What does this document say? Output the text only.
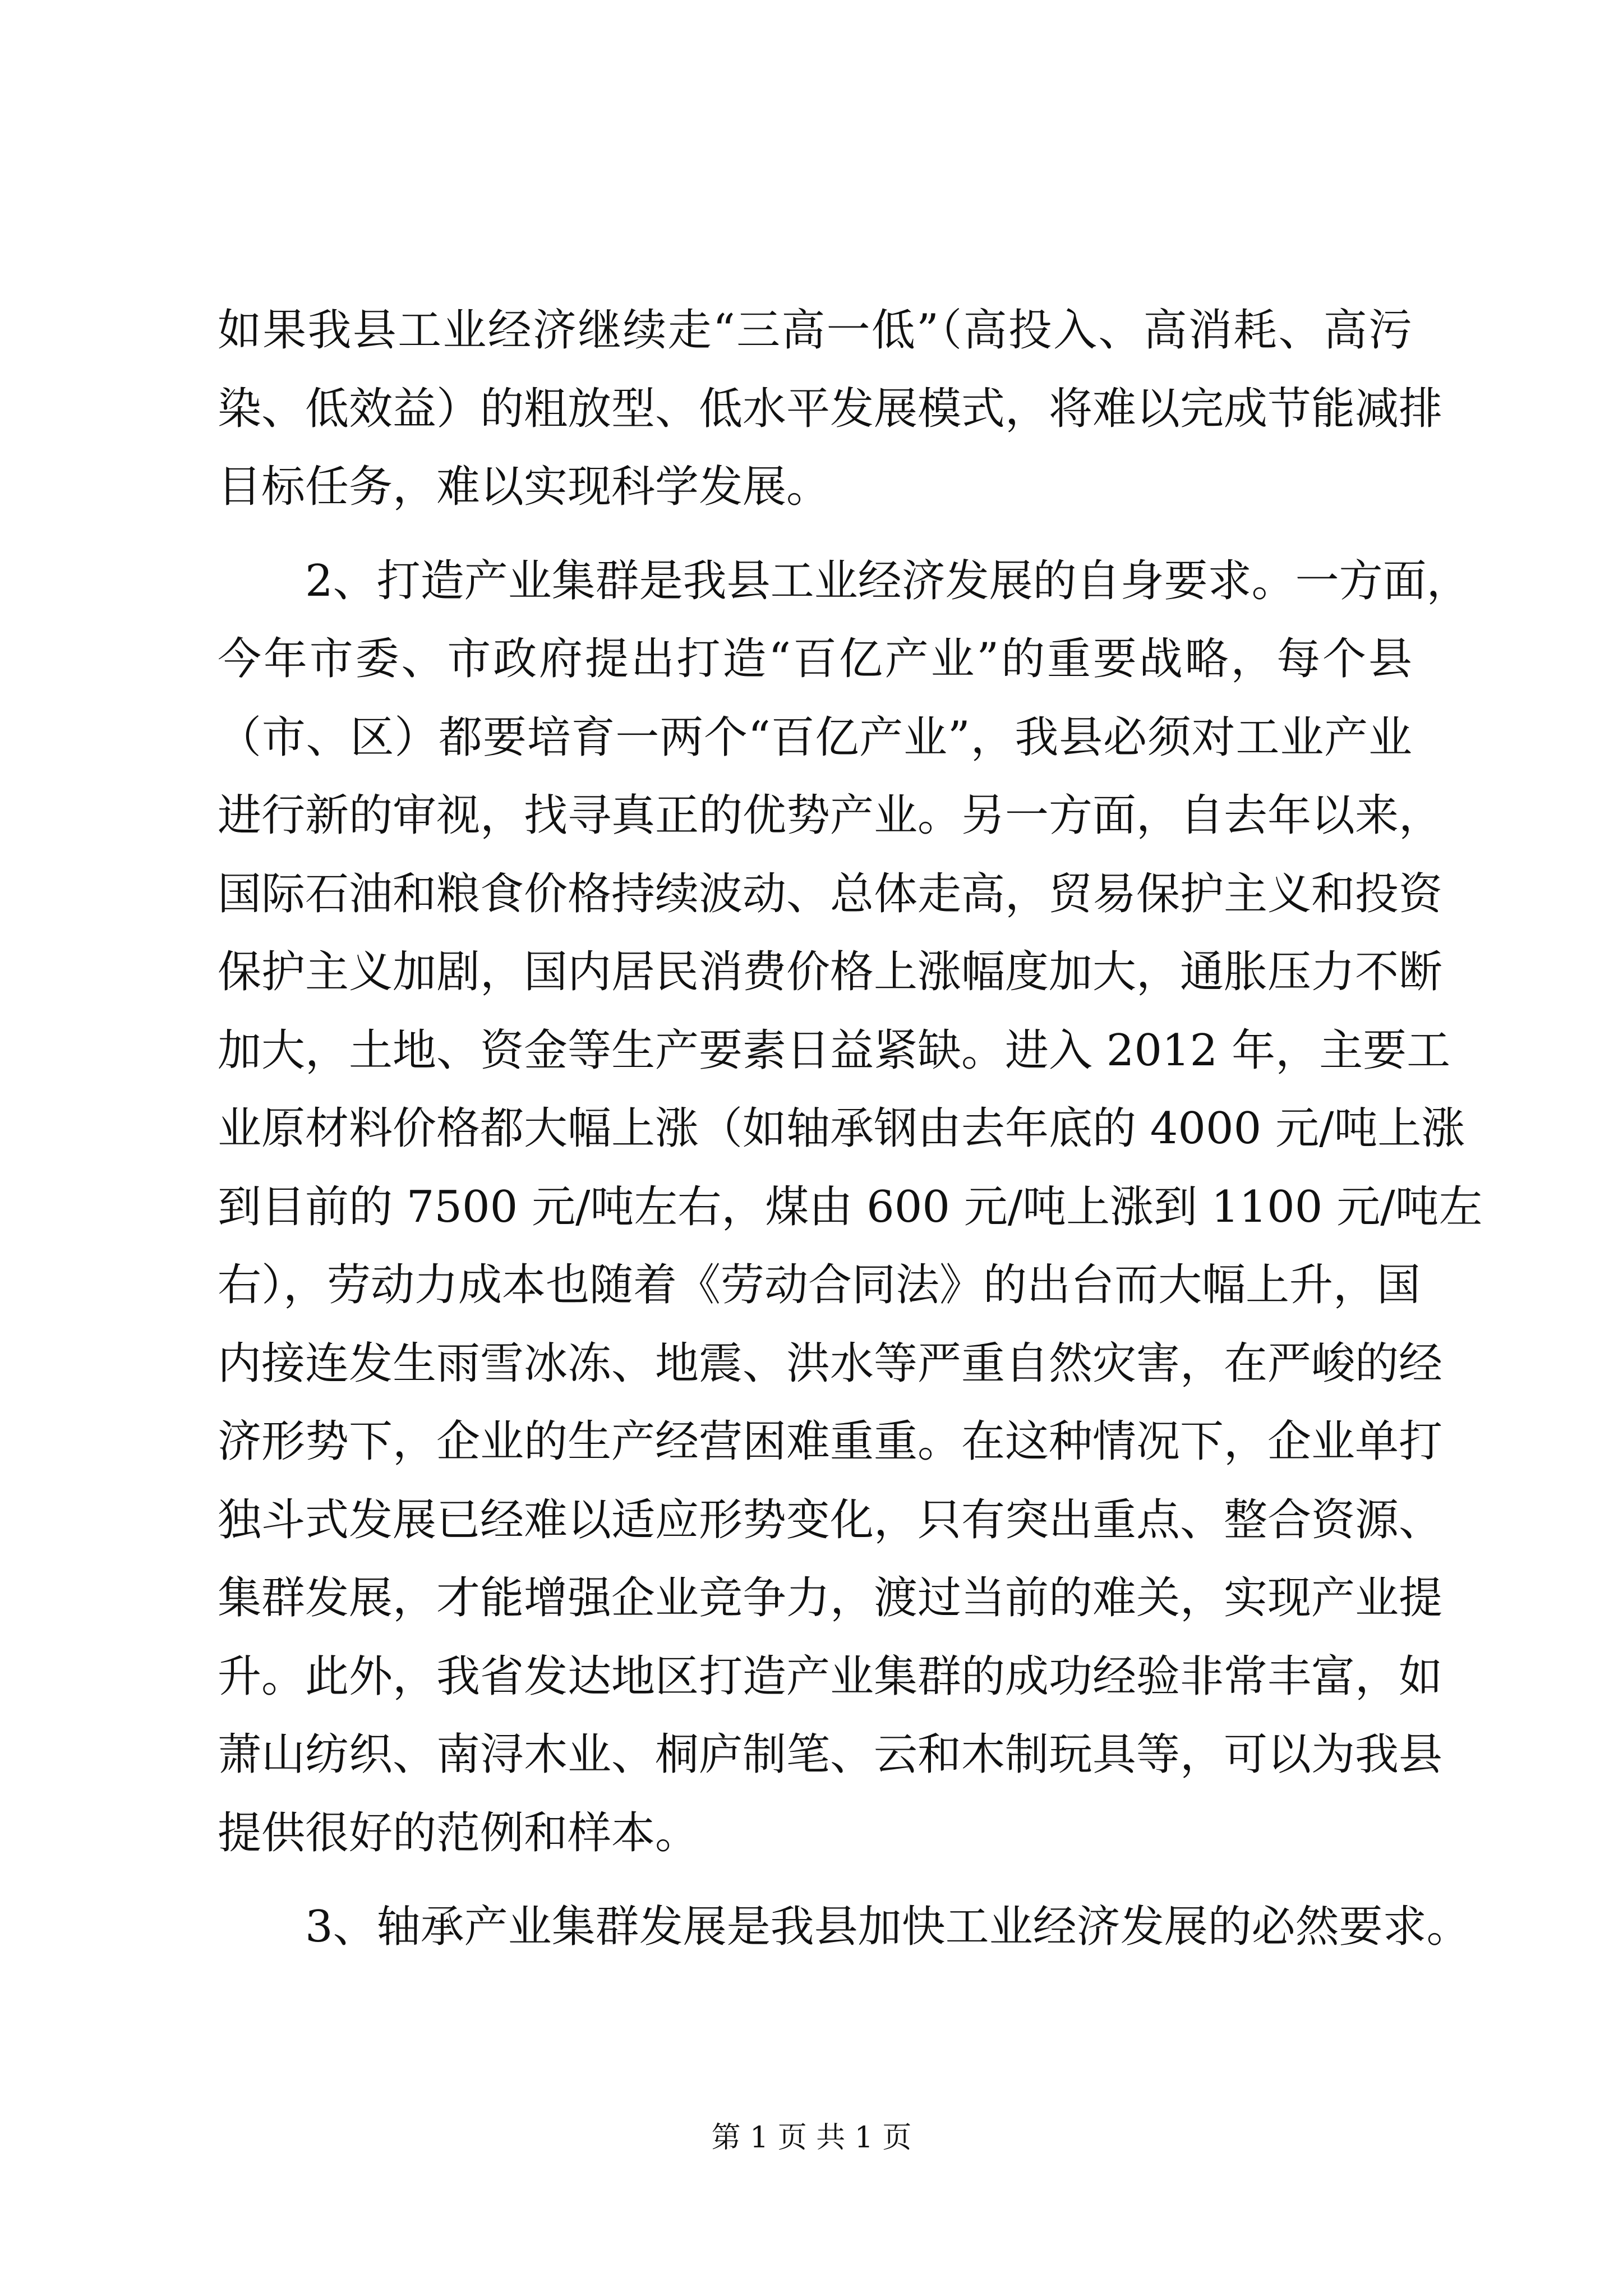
如果我县工业经济继续走“三高一低”（高投入、高消耗、高污
染、低效益）的粗放型、低水平发展模式，将难以完成节能减排
目标任务，难以实现科学发展。
　　2、打造产业集群是我县工业经济发展的自身要求。一方面，
今年市委、市政府提出打造“百亿产业”的重要战略，每个县
（市、区）都要培育一两个“百亿产业”，我县必须对工业产业
进行新的审视，找寻真正的优势产业。另一方面，自去年以来，
国际石油和粮食价格持续波动、总体走高，贸易保护主义和投资
保护主义加剧，国内居民消费价格上涨幅度加大，通胀压力不断
加大，土地、资金等生产要素日益紧缺。进入 2012 年，主要工
业原材料价格都大幅上涨（如轴承钢由去年底的 4000 元/吨上涨
到目前的 7500 元/吨左右，煤由 600 元/吨上涨到 1100 元/吨左
右），劳动力成本也随着《劳动合同法》的出台而大幅上升，国
内接连发生雨雪冰冻、地震、洪水等严重自然灾害，在严峻的经
济形势下，企业的生产经营困难重重。在这种情况下，企业单打
独斗式发展已经难以适应形势变化，只有突出重点、整合资源、
集群发展，才能增强企业竞争力，渡过当前的难关，实现产业提
升。此外，我省发达地区打造产业集群的成功经验非常丰富，如
萧山纺织、南浔木业、桐庐制笔、云和木制玩具等，可以为我县
提供很好的范例和样本。
　　3、轴承产业集群发展是我县加快工业经济发展的必然要求。
第 1 页 共 1 页
